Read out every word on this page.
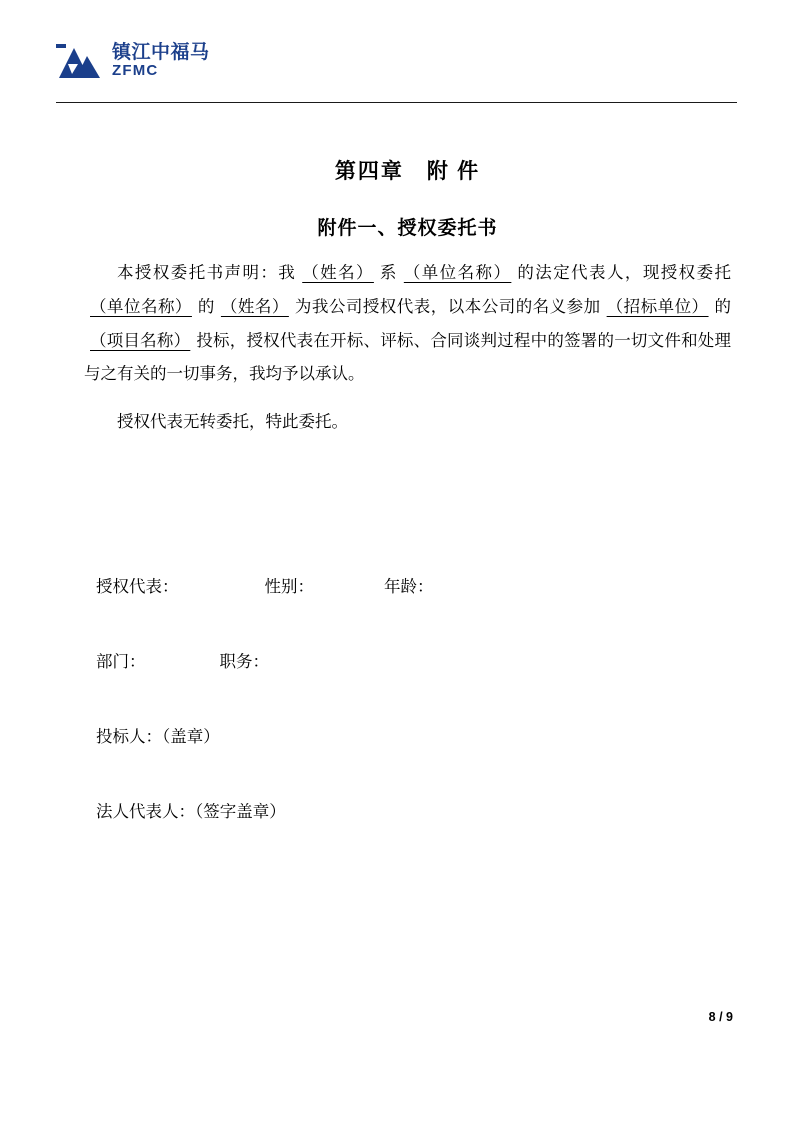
镇江中福马
ZFMC
第四章　附 件
附件一、授权委托书

本授权委托书声明：我 （姓名） 系 （单位名称） 的法定代表人，现授权委托（单位名称） 的 （姓名） 为我公司授权代表，以本公司的名义参加 （招标单位） 的（项目名称） 投标，授权代表在开标、评标、合同谈判过程中的签署的一切文件和处理与之有关的一切事务，我均予以承认。

授权代表无转委托，特此委托。

授权代表：	性别：	年龄：
部门：	职务：
投标人：（盖章）
法人代表人：（签字盖章）
8 / 9
